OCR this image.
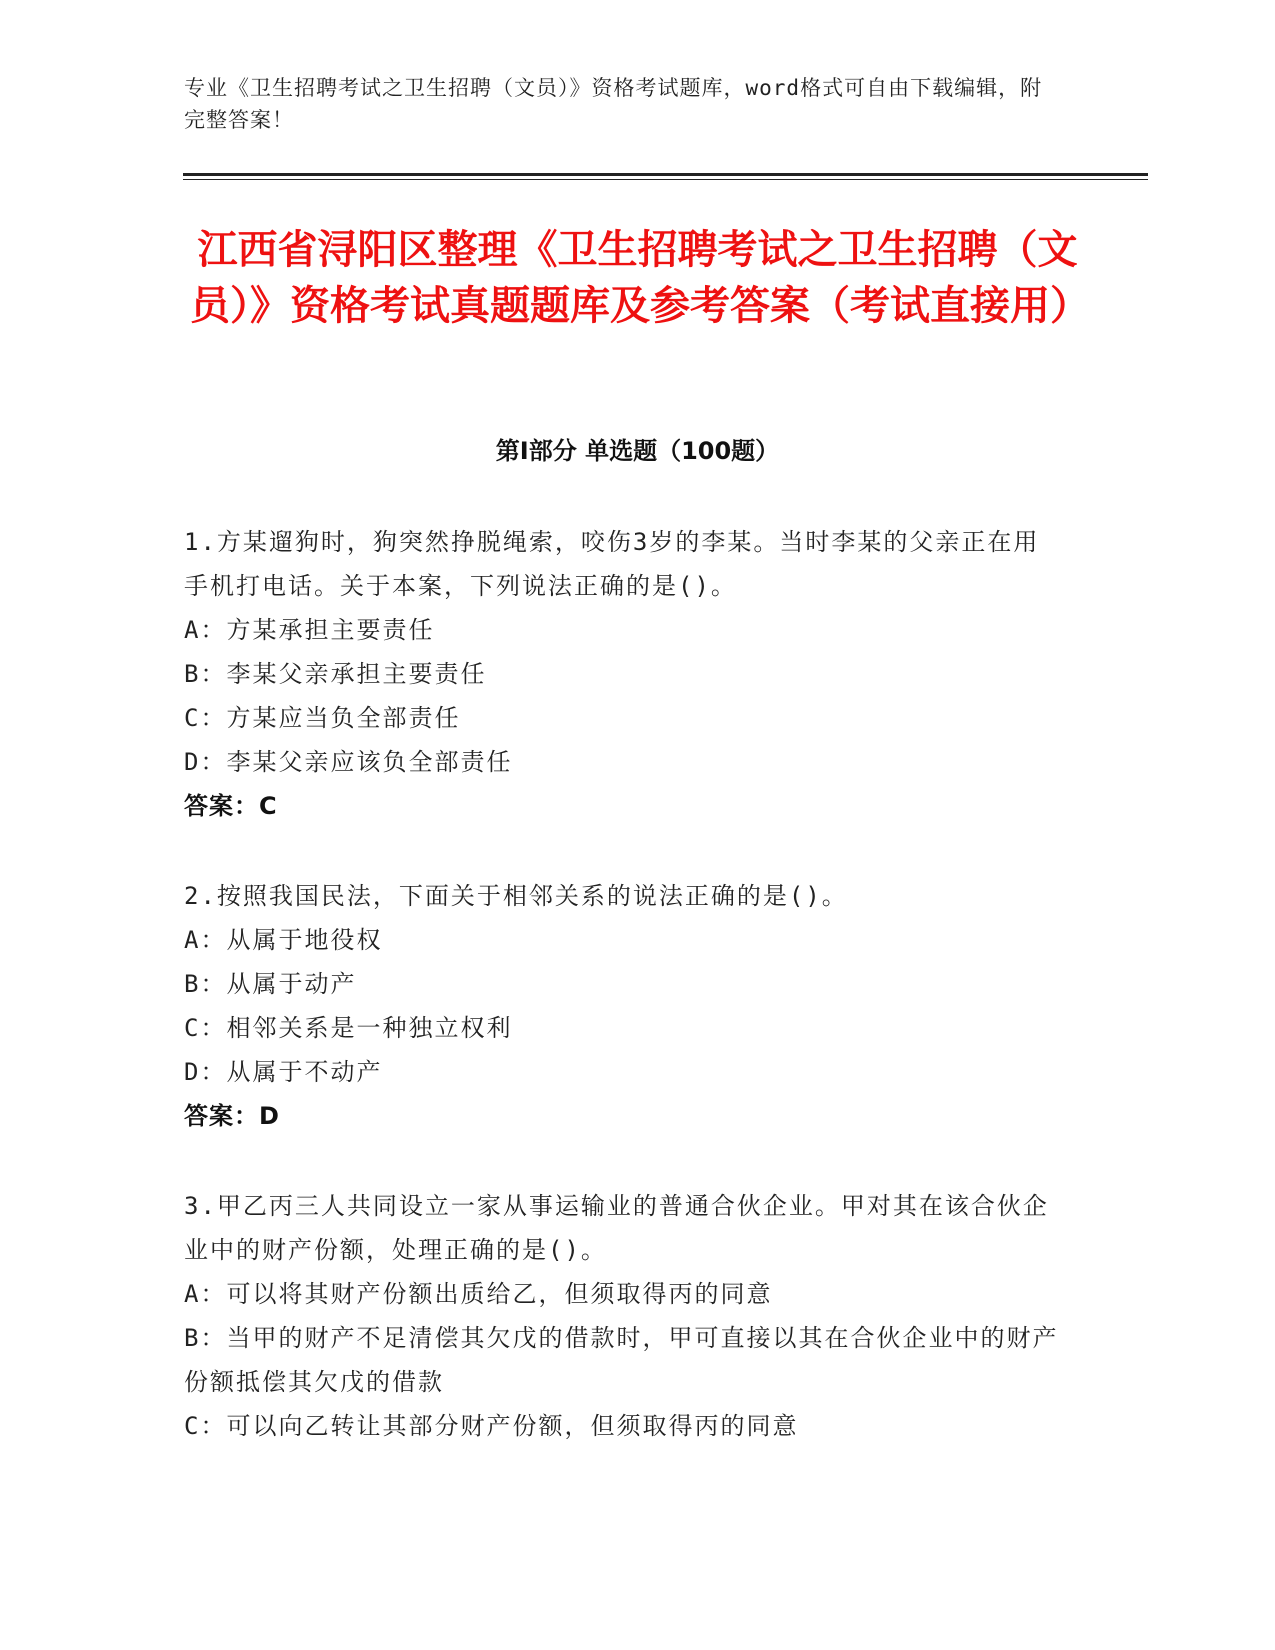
专业《卫生招聘考试之卫生招聘（文员）》资格考试题库，word格式可自由下载编辑，附完整答案！
江西省浔阳区整理《卫生招聘考试之卫生招聘（文员）》资格考试真题题库及参考答案（考试直接用）
第Ⅰ部分 单选题（100题）

1.方某遛狗时，狗突然挣脱绳索，咬伤3岁的李某。当时李某的父亲正在用手机打电话。关于本案，下列说法正确的是()。

A：方某承担主要责任

B：李某父亲承担主要责任

C：方某应当负全部责任

D：李某父亲应该负全部责任

答案：C

2.按照我国民法，下面关于相邻关系的说法正确的是()。

A：从属于地役权

B：从属于动产

C：相邻关系是一种独立权利

D：从属于不动产

答案：D

3.甲乙丙三人共同设立一家从事运输业的普通合伙企业。甲对其在该合伙企业中的财产份额，处理正确的是()。

A：可以将其财产份额出质给乙，但须取得丙的同意

B：当甲的财产不足清偿其欠戊的借款时，甲可直接以其在合伙企业中的财产份额抵偿其欠戊的借款

C：可以向乙转让其部分财产份额，但须取得丙的同意
